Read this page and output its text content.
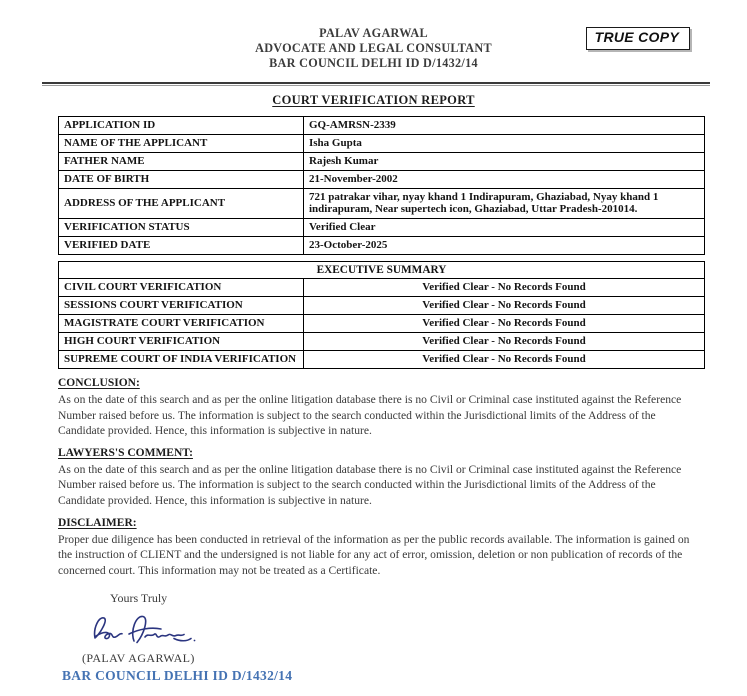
TRUE COPY
PALAV AGARWAL
ADVOCATE AND LEGAL CONSULTANT
BAR COUNCIL DELHI ID D/1432/14
COURT VERIFICATION REPORT
APPLICATION ID	GQ-AMRSN-2339
NAME OF THE APPLICANT	Isha Gupta
FATHER NAME	Rajesh Kumar
DATE OF BIRTH	21-November-2002
ADDRESS OF THE APPLICANT	721 patrakar vihar, nyay khand 1 Indirapuram, Ghaziabad, Nyay khand 1 indirapuram, Near supertech icon, Ghaziabad, Uttar Pradesh-201014.
VERIFICATION STATUS	Verified Clear
VERIFIED DATE	23-October-2025
EXECUTIVE SUMMARY	
CIVIL COURT VERIFICATION	Verified Clear - No Records Found
SESSIONS COURT VERIFICATION	Verified Clear - No Records Found
MAGISTRATE COURT VERIFICATION	Verified Clear - No Records Found
HIGH COURT VERIFICATION	Verified Clear - No Records Found
SUPREME COURT OF INDIA VERIFICATION	Verified Clear - No Records Found
CONCLUSION:
As on the date of this search and as per the online litigation database there is no Civil or Criminal case instituted against the Reference Number raised before us. The information is subject to the search conducted within the Jurisdictional limits of the Address of the Candidate provided. Hence, this information is subjective in nature.
LAWYERS'S COMMENT:
As on the date of this search and as per the online litigation database there is no Civil or Criminal case instituted against the Reference Number raised before us. The information is subject to the search conducted within the Jurisdictional limits of the Address of the Candidate provided. Hence, this information is subjective in nature.
DISCLAIMER:
Proper due diligence has been conducted in retrieval of the information as per the public records available. The information is gained on the instruction of CLIENT and the undersigned is not liable for any act of error, omission, deletion or non publication of records of the concerned court. This information may not be treated as a Certificate.
Yours Truly
(PALAV AGARWAL)
BAR COUNCIL DELHI ID D/1432/14
